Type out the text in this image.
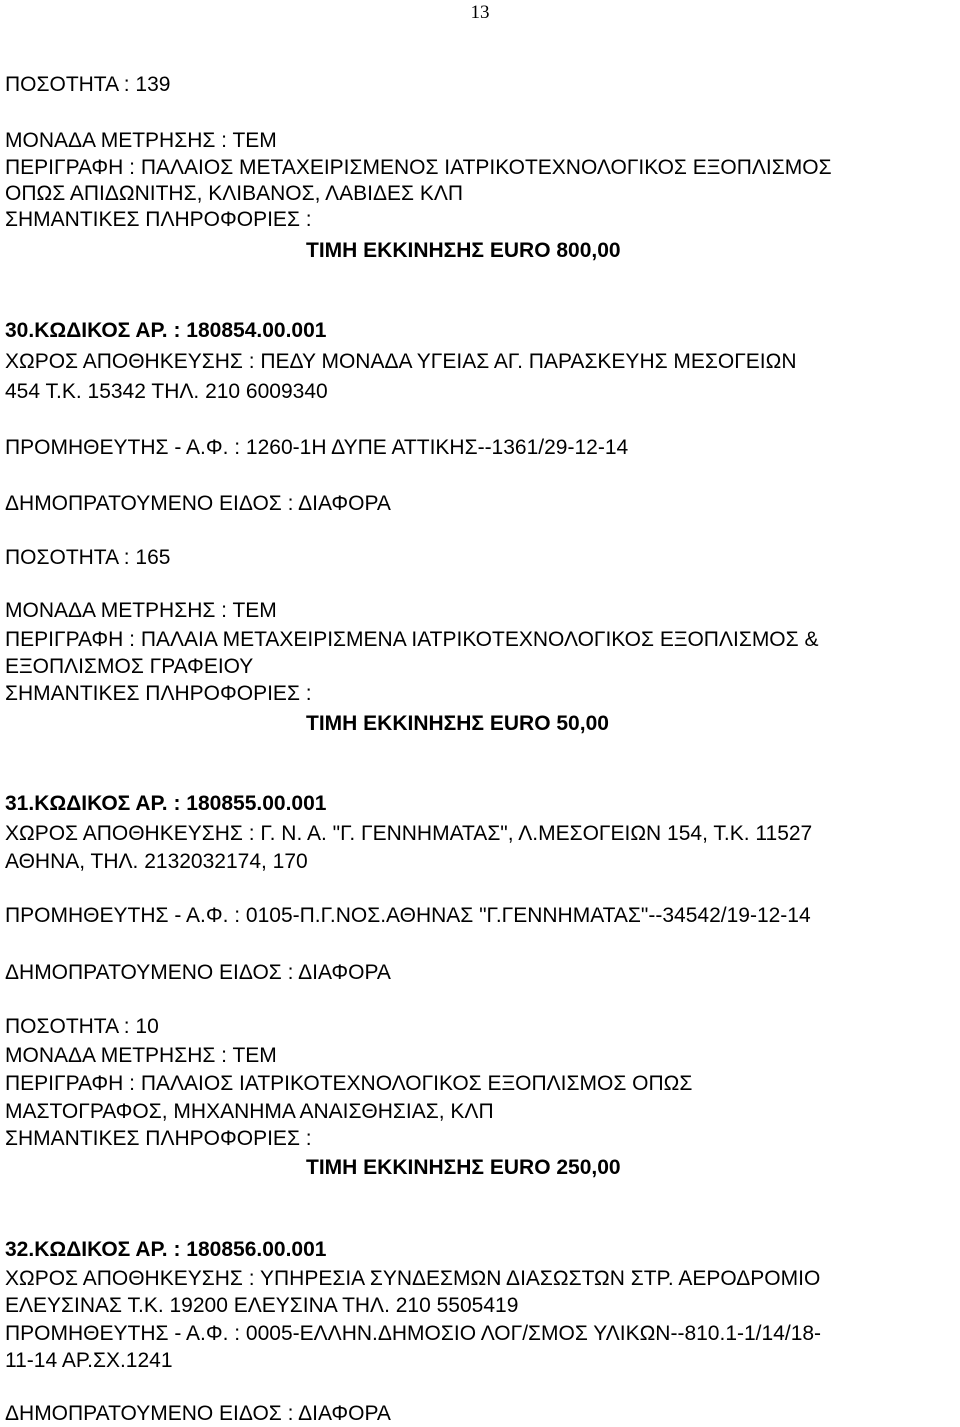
13
ΠΟΣΟΤΗΤΑ : 139
ΜΟΝΑΔΑ ΜΕΤΡΗΣΗΣ : ΤΕΜ
ΠΕΡΙΓΡΑΦΗ : ΠΑΛΑΙΟΣ ΜΕΤΑΧΕΙΡΙΣΜΕΝΟΣ ΙΑΤΡΙΚΟΤΕΧΝΟΛΟΓΙΚΟΣ ΕΞΟΠΛΙΣΜΟΣ
ΟΠΩΣ ΑΠΙΔΩΝΙΤΗΣ, ΚΛΙΒΑΝΟΣ, ΛΑΒΙΔΕΣ ΚΛΠ
ΣΗΜΑΝΤΙΚΕΣ ΠΛΗΡΟΦΟΡΙΕΣ :
ΤΙΜΗ ΕΚΚΙΝΗΣΗΣ EURO 800,00
30.ΚΩΔΙΚΟΣ ΑΡ. : 180854.00.001
ΧΩΡΟΣ ΑΠΟΘΗΚΕΥΣΗΣ : ΠΕΔΥ ΜΟΝΑΔΑ ΥΓΕΙΑΣ ΑΓ. ΠΑΡΑΣΚΕΥΗΣ ΜΕΣΟΓΕΙΩΝ
454 Τ.Κ. 15342 ΤΗΛ. 210 6009340
ΠΡΟΜΗΘΕΥΤΗΣ - Α.Φ. : 1260-1Η ΔΥΠΕ ΑΤΤΙΚΗΣ--1361/29-12-14
ΔΗΜΟΠΡΑΤΟΥΜΕΝΟ ΕΙΔΟΣ : ΔΙΑΦΟΡΑ
ΠΟΣΟΤΗΤΑ : 165
ΜΟΝΑΔΑ ΜΕΤΡΗΣΗΣ : ΤΕΜ
ΠΕΡΙΓΡΑΦΗ : ΠΑΛΑΙΑ ΜΕΤΑΧΕΙΡΙΣΜΕΝΑ ΙΑΤΡΙΚΟΤΕΧΝΟΛΟΓΙΚΟΣ ΕΞΟΠΛΙΣΜΟΣ &
ΕΞΟΠΛΙΣΜΟΣ ΓΡΑΦΕΙΟΥ
ΣΗΜΑΝΤΙΚΕΣ ΠΛΗΡΟΦΟΡΙΕΣ :
ΤΙΜΗ ΕΚΚΙΝΗΣΗΣ EURO 50,00
31.ΚΩΔΙΚΟΣ ΑΡ. : 180855.00.001
ΧΩΡΟΣ ΑΠΟΘΗΚΕΥΣΗΣ : Γ. Ν. Α. "Γ. ΓΕΝΝΗΜΑΤΑΣ", Λ.ΜΕΣΟΓΕΙΩΝ 154, Τ.Κ. 11527
ΑΘΗΝΑ, ΤΗΛ. 2132032174, 170
ΠΡΟΜΗΘΕΥΤΗΣ - Α.Φ. : 0105-Π.Γ.ΝΟΣ.ΑΘΗΝΑΣ "Γ.ΓΕΝΝΗΜΑΤΑΣ"--34542/19-12-14
ΔΗΜΟΠΡΑΤΟΥΜΕΝΟ ΕΙΔΟΣ : ΔΙΑΦΟΡΑ
ΠΟΣΟΤΗΤΑ : 10
ΜΟΝΑΔΑ ΜΕΤΡΗΣΗΣ : ΤΕΜ
ΠΕΡΙΓΡΑΦΗ : ΠΑΛΑΙΟΣ ΙΑΤΡΙΚΟΤΕΧΝΟΛΟΓΙΚΟΣ ΕΞΟΠΛΙΣΜΟΣ ΟΠΩΣ
ΜΑΣΤΟΓΡΑΦΟΣ, ΜΗΧΑΝΗΜΑ ΑΝΑΙΣΘΗΣΙΑΣ, ΚΛΠ
ΣΗΜΑΝΤΙΚΕΣ ΠΛΗΡΟΦΟΡΙΕΣ :
ΤΙΜΗ ΕΚΚΙΝΗΣΗΣ EURO 250,00
32.ΚΩΔΙΚΟΣ ΑΡ. : 180856.00.001
ΧΩΡΟΣ ΑΠΟΘΗΚΕΥΣΗΣ : ΥΠΗΡΕΣΙΑ ΣΥΝΔΕΣΜΩΝ ΔΙΑΣΩΣΤΩΝ ΣΤΡ. ΑΕΡΟΔΡΟΜΙΟ
ΕΛΕΥΣΙΝΑΣ Τ.Κ. 19200 ΕΛΕΥΣΙΝΑ ΤΗΛ. 210 5505419
ΠΡΟΜΗΘΕΥΤΗΣ - Α.Φ. : 0005-ΕΛΛΗΝ.ΔΗΜΟΣΙΟ ΛΟΓ/ΣΜΟΣ ΥΛΙΚΩΝ--810.1-1/14/18-
11-14 ΑΡ.ΣΧ.1241
ΔΗΜΟΠΡΑΤΟΥΜΕΝΟ ΕΙΔΟΣ : ΔΙΑΦΟΡΑ
